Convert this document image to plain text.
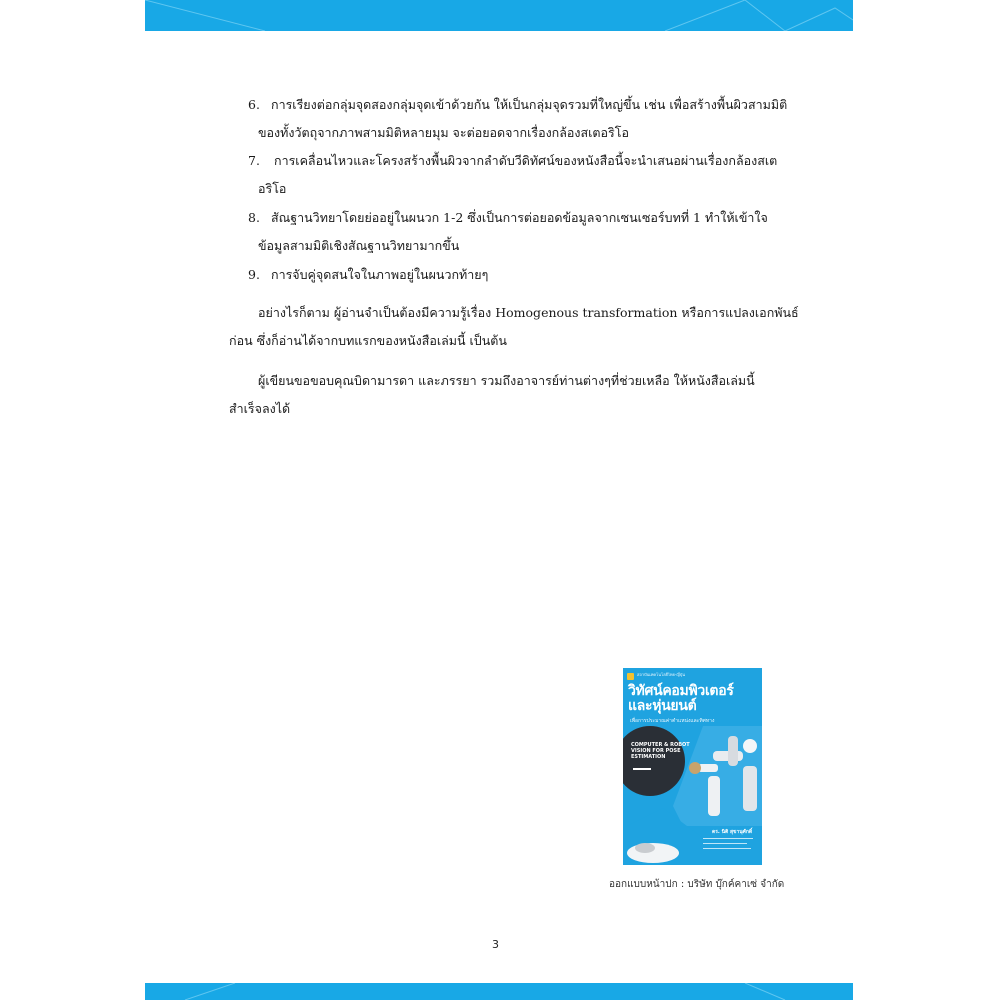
6. การเรียงต่อกลุ่มจุดสองกลุ่มจุดเข้าด้วยกัน ให้เป็นกลุ่มจุดรวมที่ใหญ่ขึ้น เช่น เพื่อสร้างพื้นผิวสามมิติ
ของทั้งวัตถุจากภาพสามมิติหลายมุม จะต่อยอดจากเรื่องกล้องสเตอริโอ
7. การเคลื่อนไหวและโครงสร้างพื้นผิวจากลำดับวีดิทัศน์ของหนังสือนี้จะนำเสนอผ่านเรื่องกล้องสเต
อริโอ
8. สัณฐานวิทยาโดยย่ออยู่ในผนวก 1-2 ซึ่งเป็นการต่อยอดข้อมูลจากเซนเซอร์บทที่ 1 ทำให้เข้าใจ
ข้อมูลสามมิติเชิงสัณฐานวิทยามากขึ้น
9. การจับคู่จุดสนใจในภาพอยู่ในผนวกท้ายๆ
อย่างไรก็ตาม ผู้อ่านจำเป็นต้องมีความรู้เรื่อง Homogenous transformation หรือการแปลงเอกพันธ์
ก่อน ซึ่งก็อ่านได้จากบทแรกของหนังสือเล่มนี้ เป็นต้น
ผู้เขียนขอขอบคุณบิดามารดา และภรรยา รวมถึงอาจารย์ท่านต่างๆที่ช่วยเหลือ ให้หนังสือเล่มนี้
สำเร็จลงได้
สถาบันเทคโนโลยีไทย-ญี่ปุ่น
วิทัศน์คอมพิวเตอร์
และหุ่นยนต์
เพื่อการประมาณค่าตำแหน่งและทิศทาง
COMPUTER & ROBOT
VISION FOR POSE
ESTIMATION
ดร. นิติ สุขานุศักดิ์
ออกแบบหน้าปก : บริษัท บุ๊กค์คาเซ่ จำกัด
3
